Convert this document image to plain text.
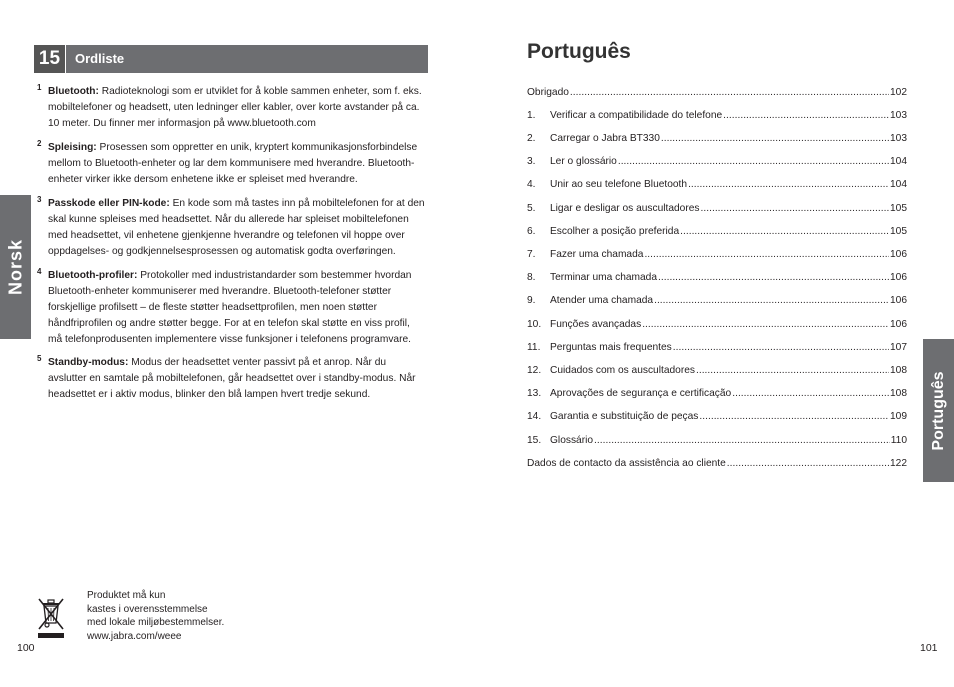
15	Ordliste
Norsk
1 Bluetooth: Radioteknologi som er utviklet for å koble sammen enheter, som f. eks. mobiltelefoner og headsett, uten ledninger eller kabler, over korte avstander på ca. 10 meter. Du finner mer informasjon på www.bluetooth.com
2 Spleising: Prosessen som oppretter en unik, kryptert kommunikasjonsforbindelse mellom to Bluetooth-enheter og lar dem kommunisere med hverandre. Bluetooth-enheter virker ikke dersom enhetene ikke er spleiset med hverandre.
3 Passkode eller PIN-kode: En kode som må tastes inn på mobiltelefonen for at den skal kunne spleises med headsettet. Når du allerede har spleiset mobiltelefonen med headsettet, vil enhetene gjenkjenne hverandre og telefonen vil hoppe over oppdagelses- og godkjennelsesprosessen og automatisk godta overføringen.
4 Bluetooth-profiler: Protokoller med industristandarder som bestemmer hvordan Bluetooth-enheter kommuniserer med hverandre. Bluetooth-telefoner støtter forskjellige profilsett – de fleste støtter headsettprofilen, men noen støtter håndfriprofilen og andre støtter begge. For at en telefon skal støtte en viss profil, må telefonprodusenten implementere visse funksjoner i telefonens programvare.
5 Standby-modus: Modus der headsettet venter passivt på et anrop. Når du avslutter en samtale på mobiltelefonen, går headsettet over i standby-modus. Når headsettet er i aktiv modus, blinker den blå lampen hvert tredje sekund.
Produktet må kun
kastes i overensstemmelse
med lokale miljøbestemmelser.
www.jabra.com/weee
100
Português
Português
Obrigado . . .	102
1.	Verificar a compatibilidade do telefone . . .	103
2.	Carregar o Jabra BT330 . . .	103
3.	Ler o glossário . . .	104
4.	Unir ao seu telefone Bluetooth . . .	104
5.	Ligar e desligar os auscultadores . . .	105
6.	Escolher a posição preferida . . .	105
7.	Fazer uma chamada . . .	106
8.	Terminar uma chamada . . .	106
9.	Atender uma chamada . . .	106
10. Funções avançadas . . .	106
11. Perguntas mais frequentes . . .	107
12. Cuidados com os auscultadores . . .	108
13. Aprovações de segurança e certificação . . .	108
14. Garantia e substituição de peças . . .	109
15. Glossário . . .	110
Dados de contacto da assistência ao cliente . . .	122
101
